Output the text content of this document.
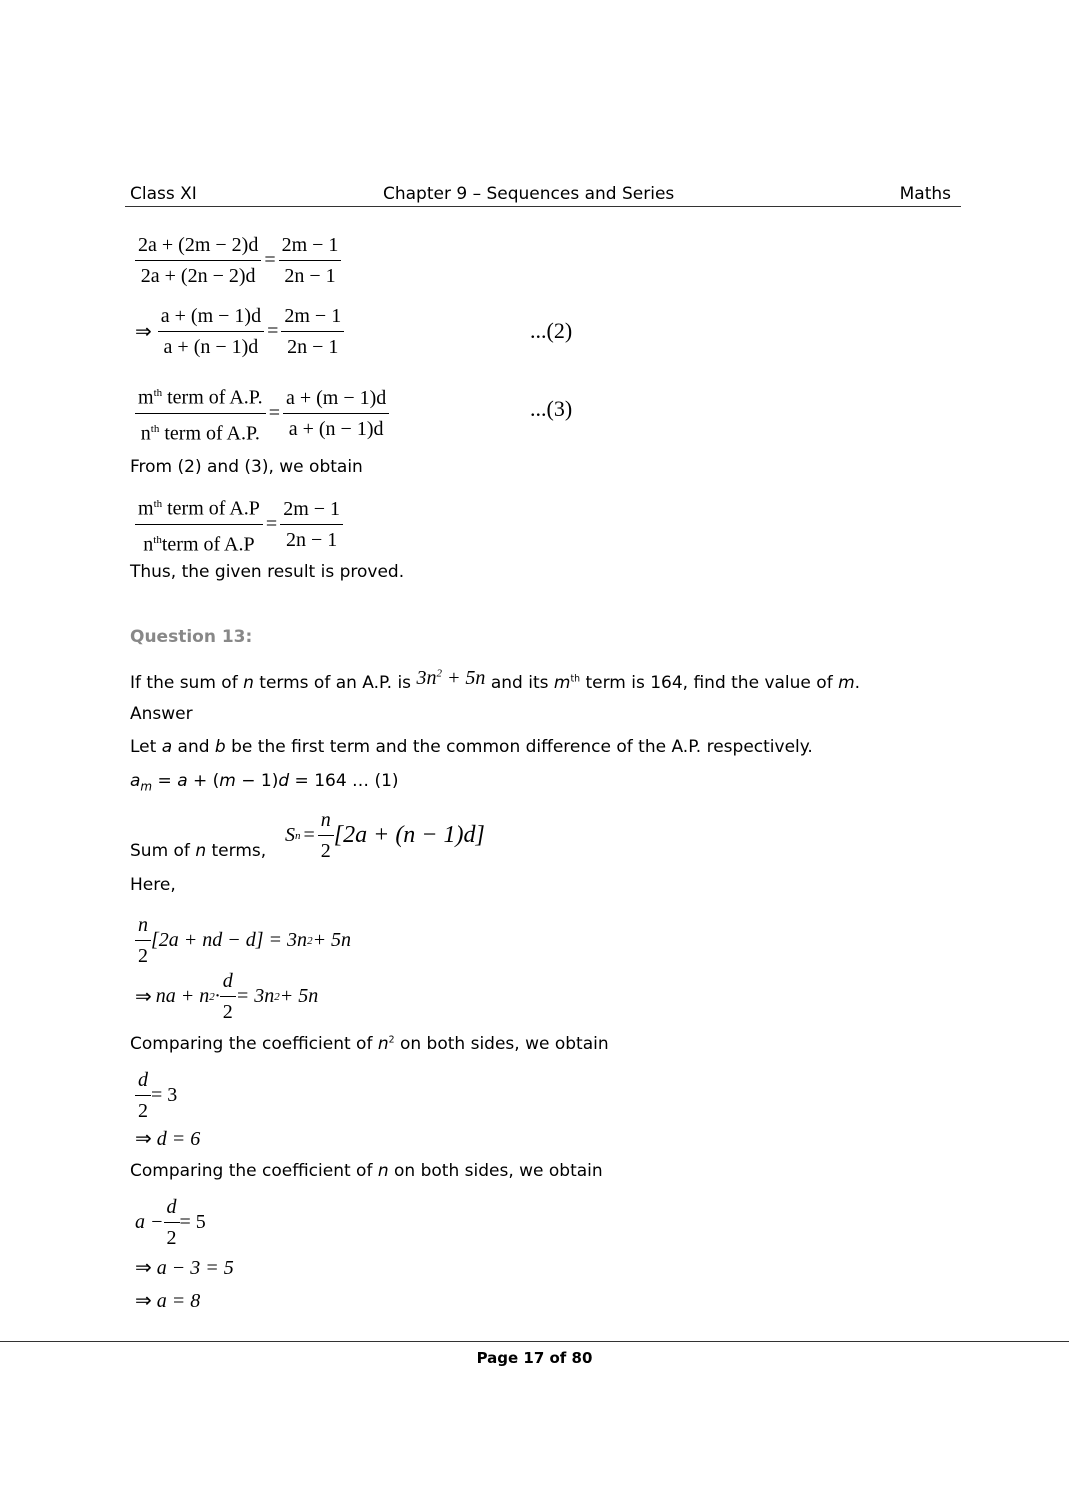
Class XI	Chapter 9 – Sequences and Series	Maths
$\frac{2a + (2m - 2)d}{2a + (2n - 2)d} = \frac{2m - 1}{2n - 1}$
⇒ $\frac{a + (m - 1)d}{a + (n - 1)d} = \frac{2m - 1}{2n - 1}$	...(2)
$\frac{m^{th} term of A.P.}{n^{th} term of A.P.} = \frac{a + (m - 1)d}{a + (n - 1)d}$	...(3)
From (2) and (3), we obtain
$\frac{m^{th} term of A.P}{n^{th}term of A.P} = \frac{2m - 1}{2n - 1}$
Thus, the given result is proved.
Question 13:
If the sum of n terms of an A.P. is $3n^2 + 5n$ and its $m^{th}$ term is 164, find the value of m.
Answer
Let a and b be the first term and the common difference of the A.P. respectively.
$a_m = a + (m - 1)d = 164$ … (1)
Sum of n terms,
S $n = \frac{n}{2} [2a + (n - 1)d]$
Here,
$\frac{n}{2} [2a$ + nd − d] = 3n 2 + 5n
⇒ na + n $2 \cdot \frac{d}{2} = 3n$ 2 + 5n
Comparing the coefficient of $n^2$ on both sides, we obtain
$\frac{d}{2} = 3$
⇒ d = 6
Comparing the coefficient of n on both sides, we obtain
$a - \frac{d}{2} = 5$
⇒ a − 3 = 5
⇒ a = 8
Page 17 of 80
